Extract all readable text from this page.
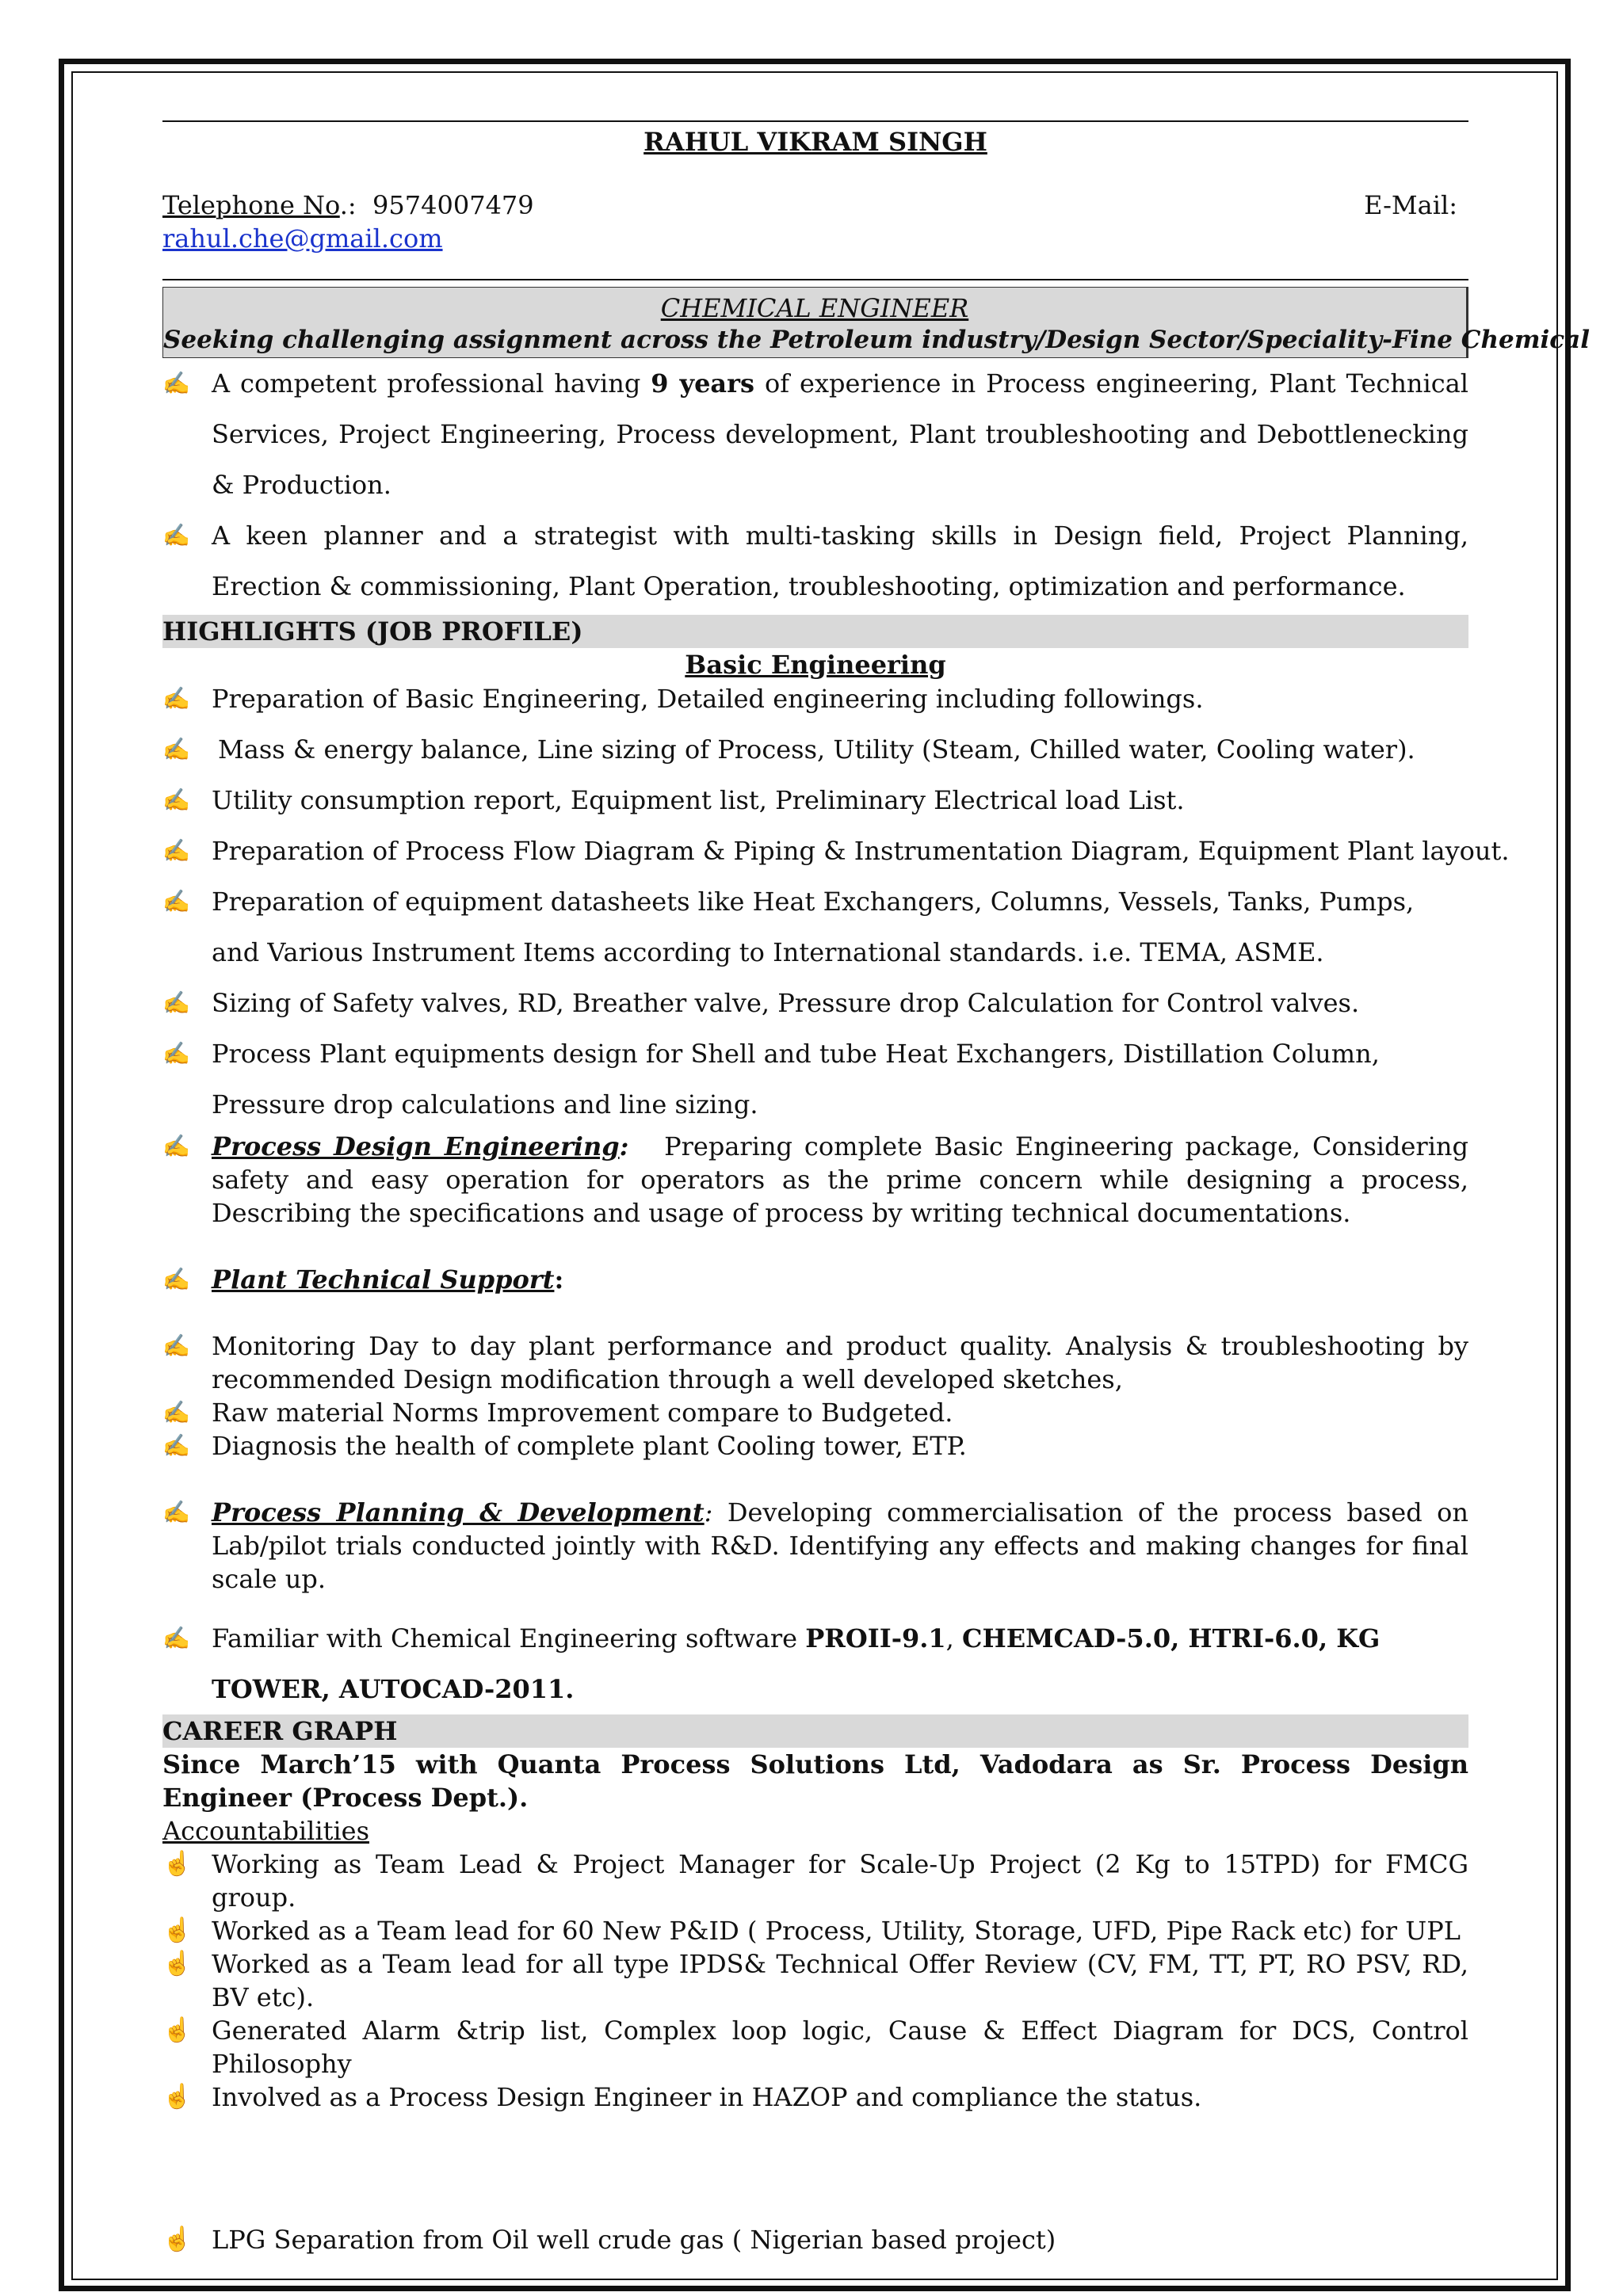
RAHUL VIKRAM SINGH
Telephone No.: 9574007479	E-Mail:
rahul.che@gmail.com
CHEMICAL ENGINEER
Seeking challenging assignment across the Petroleum industry/Design Sector/Speciality-Fine Chemical
✍ A competent professional having 9 years of experience in Process engineering, Plant Technical Services, Project Engineering, Process development, Plant troubleshooting and Debottlenecking & Production.
✍ A keen planner and a strategist with multi-tasking skills in Design field, Project Planning, Erection & commissioning, Plant Operation, troubleshooting, optimization and performance.
HIGHLIGHTS (JOB PROFILE)
Basic Engineering
✍ Preparation of Basic Engineering, Detailed engineering including followings.
✍	Mass & energy balance, Line sizing of Process, Utility (Steam, Chilled water, Cooling water).
✍ Utility consumption report, Equipment list, Preliminary Electrical load List.
✍ Preparation of Process Flow Diagram & Piping & Instrumentation Diagram, Equipment Plant layout.
✍ Preparation of equipment datasheets like Heat Exchangers, Columns, Vessels, Tanks, Pumps, and Various Instrument Items according to International standards. i.e. TEMA, ASME.
✍ Sizing of Safety valves, RD, Breather valve, Pressure drop Calculation for Control valves.
✍ Process Plant equipments design for Shell and tube Heat Exchangers, Distillation Column, Pressure drop calculations and line sizing.
✍ Process Design Engineering: Preparing complete Basic Engineering package, Considering safety and easy operation for operators as the prime concern while designing a process, Describing the specifications and usage of process by writing technical documentations.
✍ Plant Technical Support:
✍ Monitoring Day to day plant performance and product quality. Analysis & troubleshooting by recommended Design modification through a well developed sketches,
✍ Raw material Norms Improvement compare to Budgeted.
✍ Diagnosis the health of complete plant Cooling tower, ETP.
✍ Process Planning & Development: Developing commercialisation of the process based on Lab/pilot trials conducted jointly with R&D. Identifying any effects and making changes for final scale up.
✍ Familiar with Chemical Engineering software PROII-9.1, CHEMCAD-5.0, HTRI-6.0, KG TOWER, AUTOCAD-2011.
CAREER GRAPH
Since March’15 with Quanta Process Solutions Ltd, Vadodara as Sr. Process Design Engineer (Process Dept.).
Accountabilities
☝ Working as Team Lead & Project Manager for Scale-Up Project (2 Kg to 15TPD) for FMCG group.
☝ Worked as a Team lead for 60 New P&ID ( Process, Utility, Storage, UFD, Pipe Rack etc) for UPL
☝ Worked as a Team lead for all type IPDS& Technical Offer Review (CV, FM, TT, PT, RO PSV, RD, BV etc).
☝ Generated Alarm &trip list, Complex loop logic, Cause & Effect Diagram for DCS, Control Philosophy
☝ Involved as a Process Design Engineer in HAZOP and compliance the status.
☝ LPG Separation from Oil well crude gas ( Nigerian based project)
